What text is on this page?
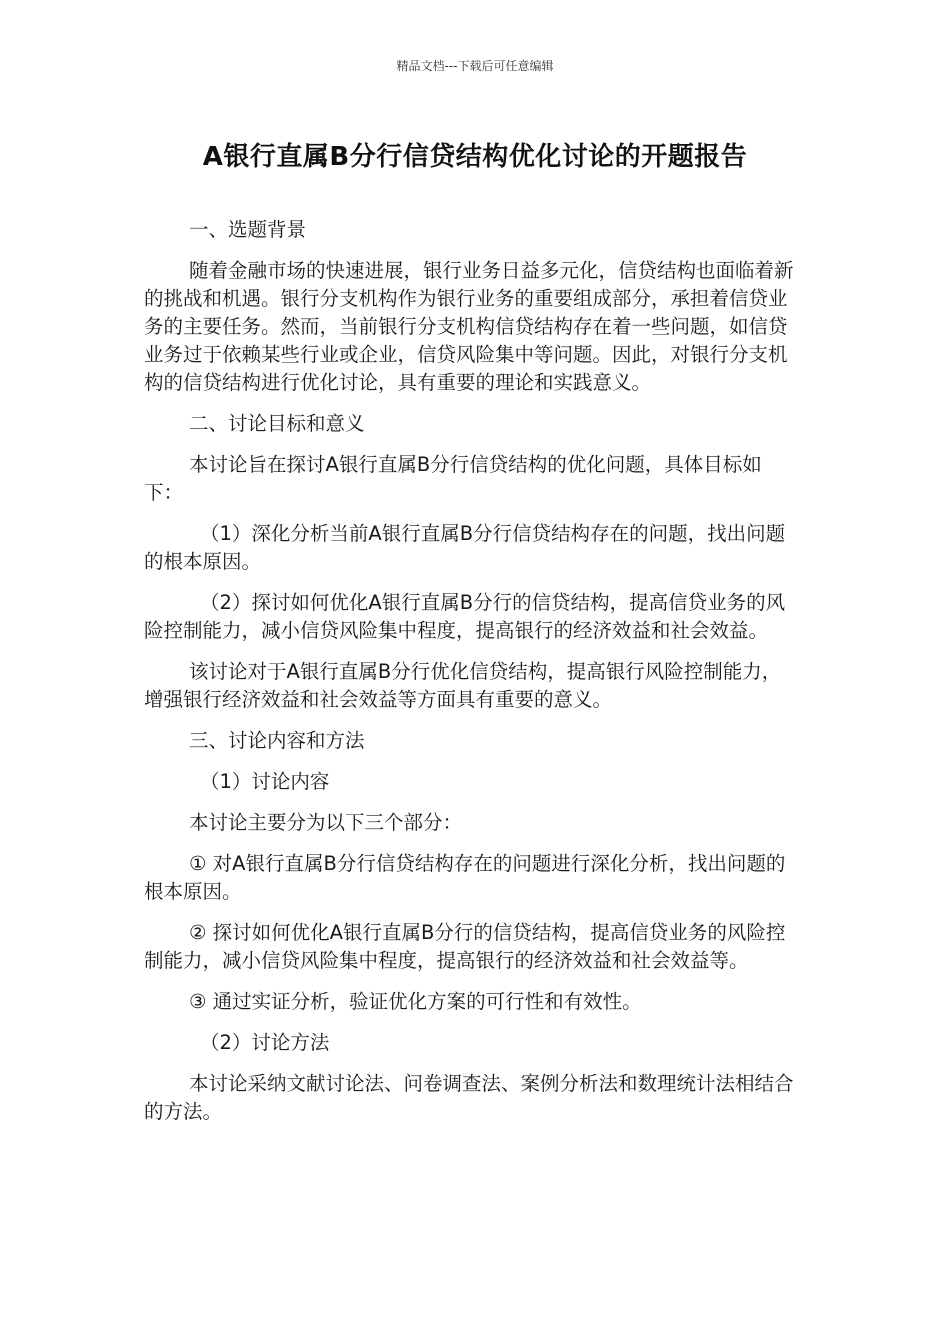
精品文档---下载后可任意编辑
A银行直属B分行信贷结构优化讨论的开题报告

一、选题背景

随着金融市场的快速进展，银行业务日益多元化，信贷结构也面临着新的挑战和机遇。银行分支机构作为银行业务的重要组成部分，承担着信贷业务的主要任务。然而，当前银行分支机构信贷结构存在着一些问题，如信贷业务过于依赖某些行业或企业，信贷风险集中等问题。因此，对银行分支机构的信贷结构进行优化讨论，具有重要的理论和实践意义。

二、讨论目标和意义

本讨论旨在探讨A银行直属B分行信贷结构的优化问题，具体目标如下：

（1）深化分析当前A银行直属B分行信贷结构存在的问题，找出问题的根本原因。

（2）探讨如何优化A银行直属B分行的信贷结构，提高信贷业务的风险控制能力，减小信贷风险集中程度，提高银行的经济效益和社会效益。

该讨论对于A银行直属B分行优化信贷结构，提高银行风险控制能力，增强银行经济效益和社会效益等方面具有重要的意义。

三、讨论内容和方法

（1）讨论内容

本讨论主要分为以下三个部分：

① 对A银行直属B分行信贷结构存在的问题进行深化分析，找出问题的根本原因。

② 探讨如何优化A银行直属B分行的信贷结构，提高信贷业务的风险控制能力，减小信贷风险集中程度，提高银行的经济效益和社会效益等。

③ 通过实证分析，验证优化方案的可行性和有效性。

（2）讨论方法

本讨论采纳文献讨论法、问卷调查法、案例分析法和数理统计法相结合的方法。
